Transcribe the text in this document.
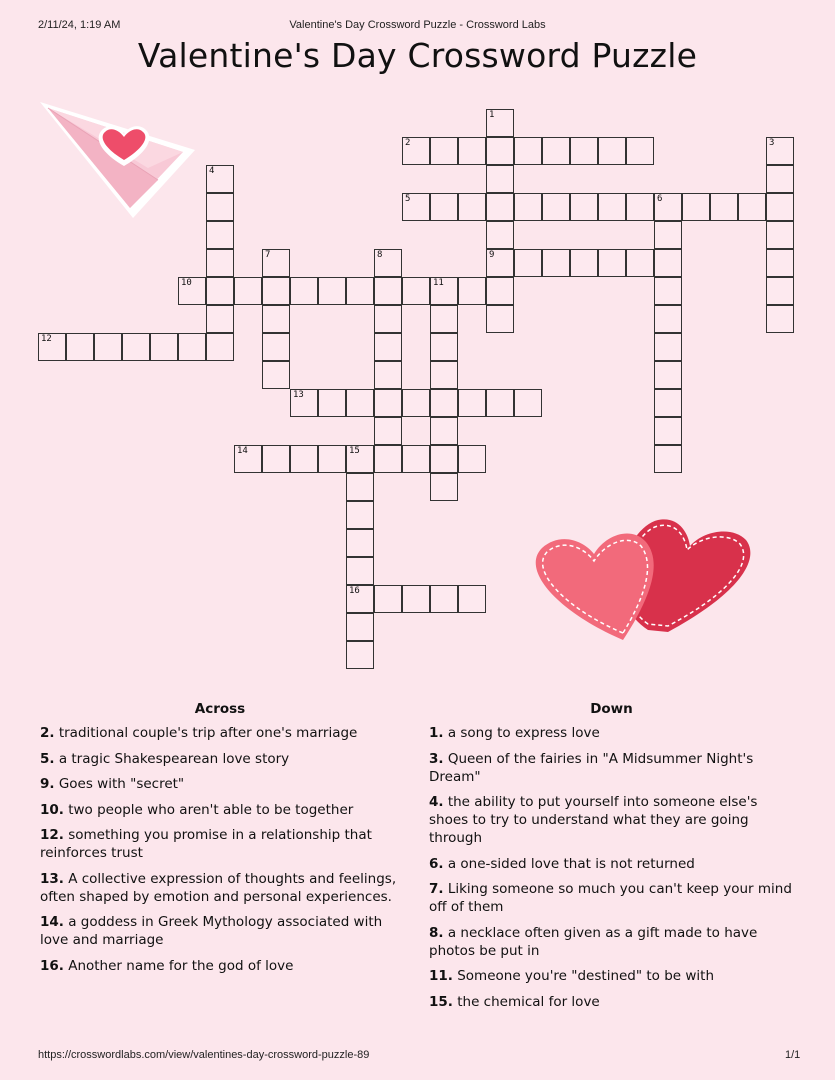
2/11/24, 1:19 AM	Valentine's Day Crossword Puzzle - Crossword Labs
Valentine's Day Crossword Puzzle
1
9
2	3
4
5	6
7	8
10	11
12
13
14	15
16
Across
2. traditional couple's trip after one's marriage
5. a tragic Shakespearean love story
9. Goes with "secret"
10. two people who aren't able to be together
12. something you promise in a relationship that reinforces trust
13. A collective expression of thoughts and feelings, often shaped by emotion and personal experiences.
14. a goddess in Greek Mythology associated with love and marriage
16. Another name for the god of love
Down
1. a song to express love
3. Queen of the fairies in "A Midsummer Night's Dream"
4. the ability to put yourself into someone else's shoes to try to understand what they are going through
6. a one-sided love that is not returned
7. Liking someone so much you can't keep your mind off of them
8. a necklace often given as a gift made to have photos be put in
11. Someone you're "destined" to be with
15. the chemical for love
https://crosswordlabs.com/view/valentines-day-crossword-puzzle-89	1/1
